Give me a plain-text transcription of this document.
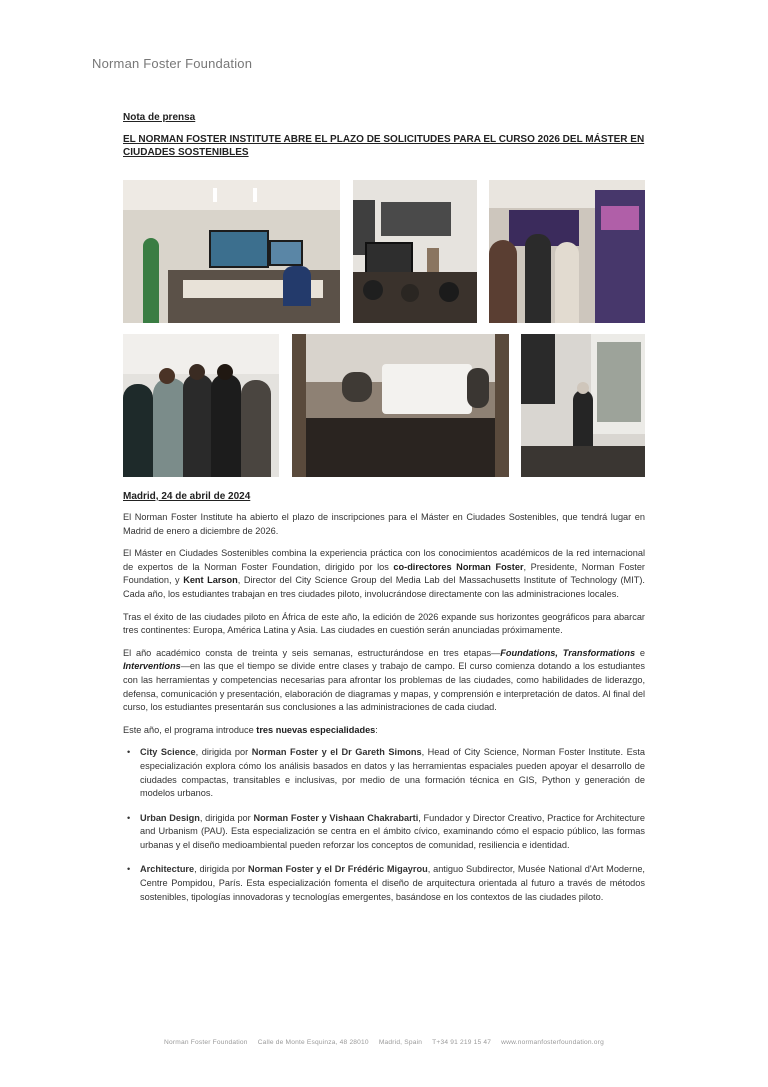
Norman Foster Foundation
Nota de prensa
EL NORMAN FOSTER INSTITUTE ABRE EL PLAZO DE SOLICITUDES PARA EL CURSO 2026 DEL MÁSTER EN CIUDADES SOSTENIBLES
Madrid, 24 de abril de 2024

El Norman Foster Institute ha abierto el plazo de inscripciones para el Máster en Ciudades Sostenibles, que tendrá lugar en Madrid de enero a diciembre de 2026.

El Máster en Ciudades Sostenibles combina la experiencia práctica con los conocimientos académicos de la red internacional de expertos de la Norman Foster Foundation, dirigido por los co-directores Norman Foster, Presidente, Norman Foster Foundation, y Kent Larson, Director del City Science Group del Media Lab del Massachusetts Institute of Technology (MIT). Cada año, los estudiantes trabajan en tres ciudades piloto, involucrándose directamente con las administraciones locales.

Tras el éxito de las ciudades piloto en África de este año, la edición de 2026 expande sus horizontes geográficos para abarcar tres continentes: Europa, América Latina y Asia. Las ciudades en cuestión serán anunciadas próximamente.

El año académico consta de treinta y seis semanas, estructurándose en tres etapas—Foundations, Transformations e Interventions—en las que el tiempo se divide entre clases y trabajo de campo. El curso comienza dotando a los estudiantes con las herramientas y competencias necesarias para afrontar los problemas de las ciudades, como habilidades de liderazgo, defensa, comunicación y presentación, elaboración de diagramas y mapas, y comprensión e interpretación de datos. Al final del curso, los estudiantes presentarán sus conclusiones a las administraciones de cada ciudad.

Este año, el programa introduce tres nuevas especialidades:

• City Science, dirigida por Norman Foster y el Dr Gareth Simons, Head of City Science, Norman Foster Institute. Esta especialización explora cómo los análisis basados en datos y las herramientas espaciales pueden apoyar el desarrollo de ciudades compactas, transitables e inclusivas, por medio de una formación técnica en GIS, Python y generación de modelos urbanos.
• Urban Design, dirigida por Norman Foster y Vishaan Chakrabarti, Fundador y Director Creativo, Practice for Architecture and Urbanism (PAU). Esta especialización se centra en el ámbito cívico, examinando cómo el espacio público, las formas urbanas y el diseño medioambiental pueden reforzar los conceptos de comunidad, resiliencia e identidad.
• Architecture, dirigida por Norman Foster y el Dr Frédéric Migayrou, antiguo Subdirector, Musée National d'Art Moderne, Centre Pompidou, París. Esta especialización fomenta el diseño de arquitectura orientada al futuro a través de métodos sostenibles, tipologías innovadoras y tecnologías emergentes, basándose en los contextos de las ciudades piloto.
Norman Foster Foundation Calle de Monte Esquinza, 48 28010 Madrid, Spain T+34 91 219 15 47 www.normanfosterfoundation.org
